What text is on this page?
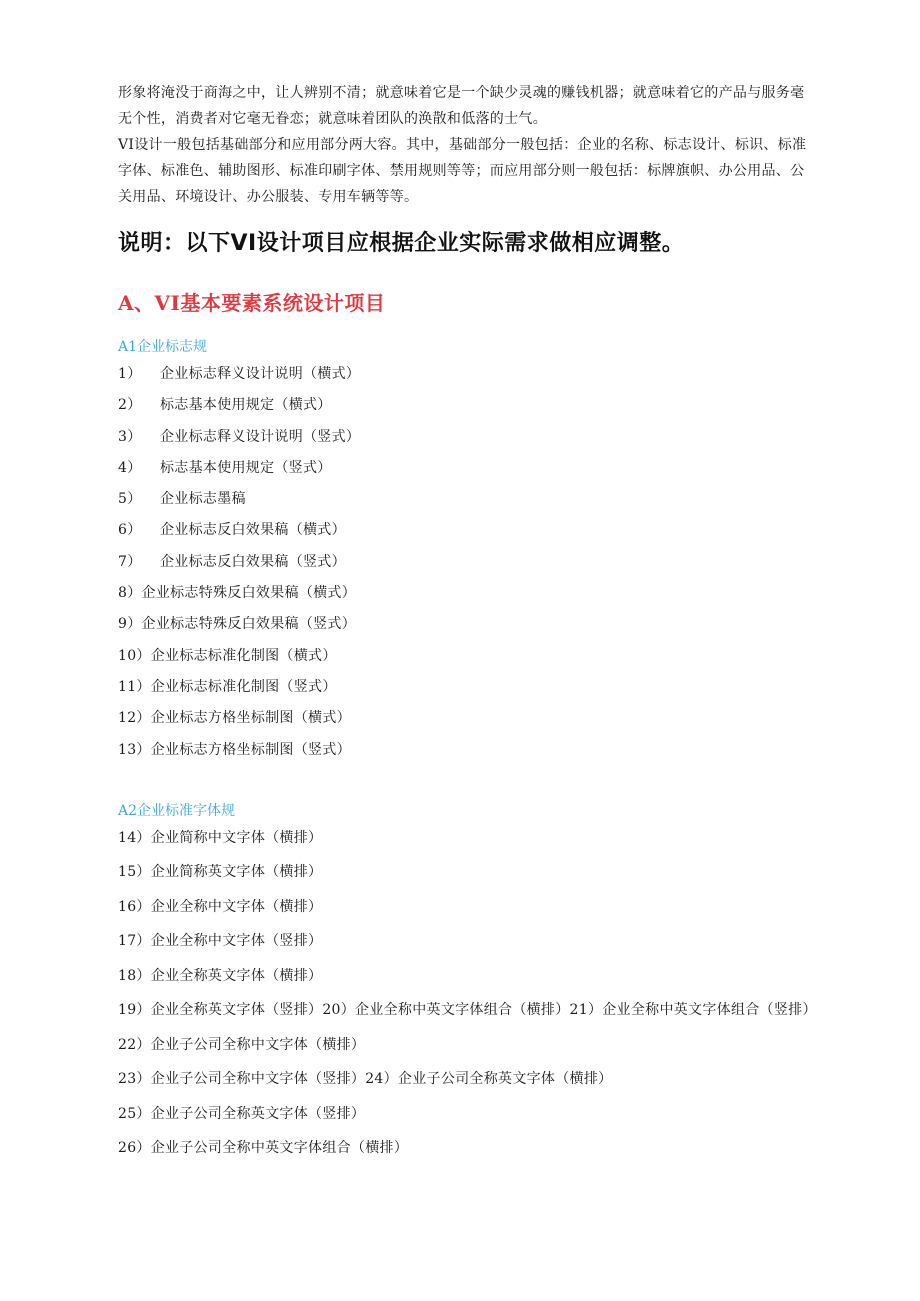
形象将淹没于商海之中，让人辨别不清；就意味着它是一个缺少灵魂的赚钱机器；就意味着它的产品与服务毫无个性，消费者对它毫无眷恋；就意味着团队的涣散和低落的士气。

VI设计一般包括基础部分和应用部分两大容。其中，基础部分一般包括：企业的名称、标志设计、标识、标准字体、标准色、辅助图形、标准印刷字体、禁用规则等等；而应用部分则一般包括：标牌旗帜、办公用品、公关用品、环境设计、办公服装、专用车辆等等。

说明：以下VI设计项目应根据企业实际需求做相应调整。
A、VI基本要素系统设计项目
A1企业标志规
1） 企业标志释义设计说明（横式）
2） 标志基本使用规定（横式）
3） 企业标志释义设计说明（竖式）
4） 标志基本使用规定（竖式）
5） 企业标志墨稿
6） 企业标志反白效果稿（横式）
7） 企业标志反白效果稿（竖式）
8）企业标志特殊反白效果稿（横式）
9）企业标志特殊反白效果稿（竖式）
10）企业标志标准化制图（横式）
11）企业标志标准化制图（竖式）
12）企业标志方格坐标制图（横式）
13）企业标志方格坐标制图（竖式）
A2企业标准字体规
14）企业简称中文字体（横排）
15）企业简称英文字体（横排）
16）企业全称中文字体（横排）
17）企业全称中文字体（竖排）
18）企业全称英文字体（横排）
19）企业全称英文字体（竖排）20）企业全称中英文字体组合（横排）21）企业全称中英文字体组合（竖排）
22）企业子公司全称中文字体（横排）
23）企业子公司全称中文字体（竖排）24）企业子公司全称英文字体（横排）
25）企业子公司全称英文字体（竖排）
26）企业子公司全称中英文字体组合（横排）
